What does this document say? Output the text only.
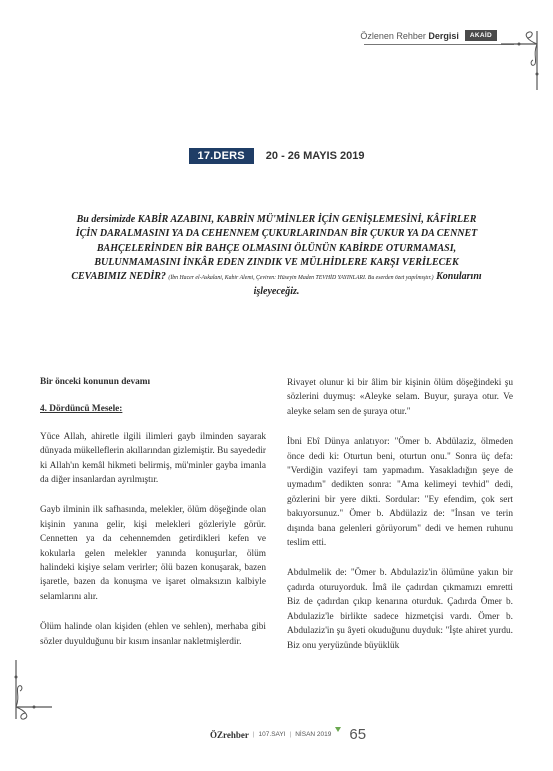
Özlenen Rehber Dergisi	AKAİD
17.DERS	20 - 26 MAYIS 2019
Bu dersimizde KABİR AZABINI, KABRİN MÜ'MİNLER İÇİN GENİŞLEMESİNİ, KÂFİRLER İÇİN DARALMASINI YA DA CEHENNEM ÇUKURLARINDAN BİR ÇUKUR YA DA CENNET BAHÇELERİNDEN BİR BAHÇE OLMASINI ÖLÜNÜN KABİRDE OTURMAMASI, BULUNMAMASINI İNKÂR EDEN ZINDIK VE MÜLHİDLERE KARŞI VERİLECEK CEVABIMIZ NEDİR? (İbn Hacer el-Askalani, Kabir Alemi, Çeviren: Hüseyin Maden TEVHİD YAYINLARI. Bu eserden özet yapılmıştır.) Konularını işleyeceğiz.

Bir önceki konunun devamı

4. Dördüncü Mesele:

Yüce Allah, ahiretle ilgili ilimleri gayb ilminden sayarak dünyada mükelleflerin akıllarından gizlemiştir. Bu sayededir ki Allah'ın kemâl hikmeti belirmiş, mü'minler gayba imanla da diğer insanlardan ayrılmıştır.

Gayb ilminin ilk safhasında, melekler, ölüm döşeğinde olan kişinin yanına gelir, kişi melekleri gözleriyle görür. Cennetten ya da cehennemden getirdikleri kefen ve kokularla gelen melekler yanında konuşurlar, ölüm halindeki kişiye selam verirler; ölü bazen konuşarak, bazen işaretle, bazen da konuşma ve işaret olmaksızın kalbiyle selamlarını alır.

Ölüm halinde olan kişiden (ehlen ve sehlen), merhaba gibi sözler duyulduğunu bir kısım insanlar nakletmişlerdir.

Rivayet olunur ki bir âlim bir kişinin ölüm döşeğindeki şu sözlerini duymuş: «Aleyke selam. Buyur, şuraya otur. Ve aleyke selam sen de şuraya otur."

İbni Ebî Dünya anlatıyor: "Ömer b. Abdülaziz, ölmeden önce dedi ki: Oturtun beni, oturtun onu." Sonra üç defa: "Verdiğin vazifeyi tam yapmadım. Yasakladığın şeye de uymadım" dedikten sonra: "Ama kelimeyi tevhid" dedi, gözlerini bir yere dikti. Sordular: "Ey efendim, çok sert bakıyorsunuz." Ömer b. Abdülaziz de: "İnsan ve terin dışında bana gelenleri görüyorum" dedi ve hemen ruhunu teslim etti.

Abdulmelik de: "Ömer b. Abdulaziz'in ölümüne yakın bir çadırda oturuyorduk. İmâ ile çadırdan çıkmamızı emretti Biz de çadırdan çıkıp kenarına oturduk. Çadırda Ömer b. Abdulaziz'le birlikte sadece hizmetçisi vardı. Ömer b. Abdulaziz'in şu âyeti okuduğunu duyduk: "İşte ahiret yurdu. Biz onu yeryüzünde büyüklük

ÖZrehber | 107.SAYI | NİSAN 2019 65
